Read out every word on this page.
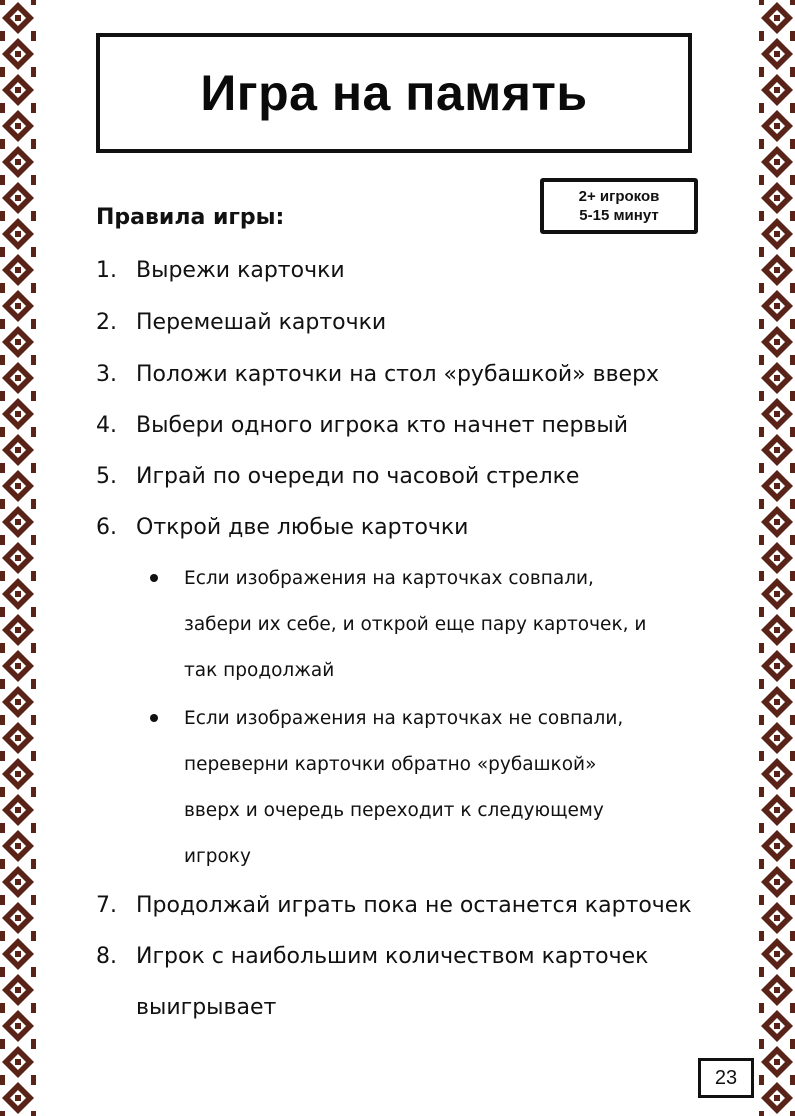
Игра на память
2+ игроков
5-15 минут
Правила игры:
1. Вырежи карточки
2. Перемешай карточки
3. Положи карточки на стол «рубашкой» вверх
4. Выбери одного игрока кто начнет первый
5. Играй по очереди по часовой стрелке
6. Открой две любые карточки
Если изображения на карточках совпали,
забери их себе, и открой еще пару карточек, и
так продолжай
Если изображения на карточках не совпали,
переверни карточки обратно «рубашкой»
вверх и очередь переходит к следующему
игроку
7. Продолжай играть пока не останется карточек
8. Игрок с наибольшим количеством карточек
выигрывает
23
